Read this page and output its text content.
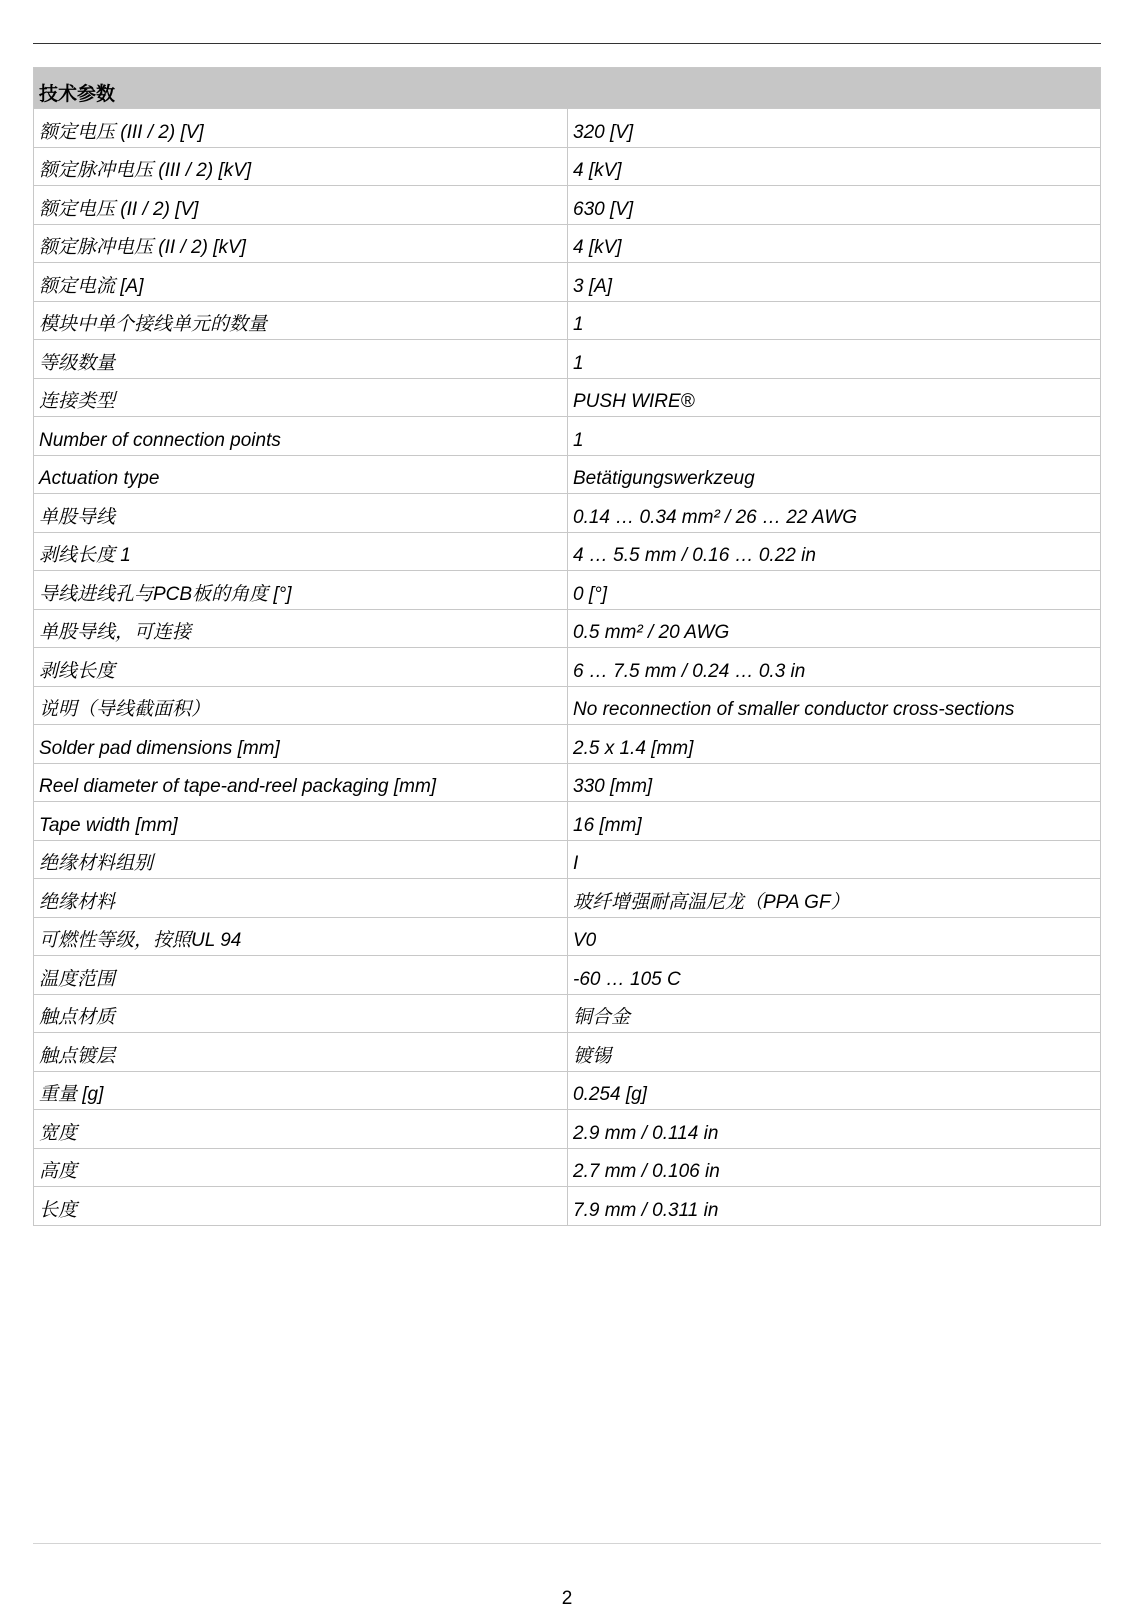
技术参数
额定电压 (III / 2) [V]	320 [V]
额定脉冲电压 (III / 2) [kV]	4 [kV]
额定电压 (II / 2) [V]	630 [V]
额定脉冲电压 (II / 2) [kV]	4 [kV]
额定电流 [A]	3 [A]
模块中单个接线单元的数量	1
等级数量	1
连接类型	PUSH WIRE®
Number of connection points	1
Actuation type	Betätigungswerkzeug
单股导线	0.14 … 0.34 mm² / 26 … 22 AWG
剥线长度 1	4 … 5.5 mm / 0.16 … 0.22 in
导线进线孔与PCB板的角度 [°]	0 [°]
单股导线，可连接	0.5 mm² / 20 AWG
剥线长度	6 … 7.5 mm / 0.24 … 0.3 in
说明（导线截面积）	No reconnection of smaller conductor cross-sections
Solder pad dimensions [mm]	2.5 x 1.4 [mm]
Reel diameter of tape-and-reel packaging [mm]	330 [mm]
Tape width [mm]	16 [mm]
绝缘材料组别	I
绝缘材料	玻纤增强耐高温尼龙（PPA GF）
可燃性等级，按照UL 94	V0
温度范围	-60 … 105 C
触点材质	铜合金
触点镀层	镀锡
重量 [g]	0.254 [g]
宽度	2.9 mm / 0.114 in
高度	2.7 mm / 0.106 in
长度	7.9 mm / 0.311 in
2
